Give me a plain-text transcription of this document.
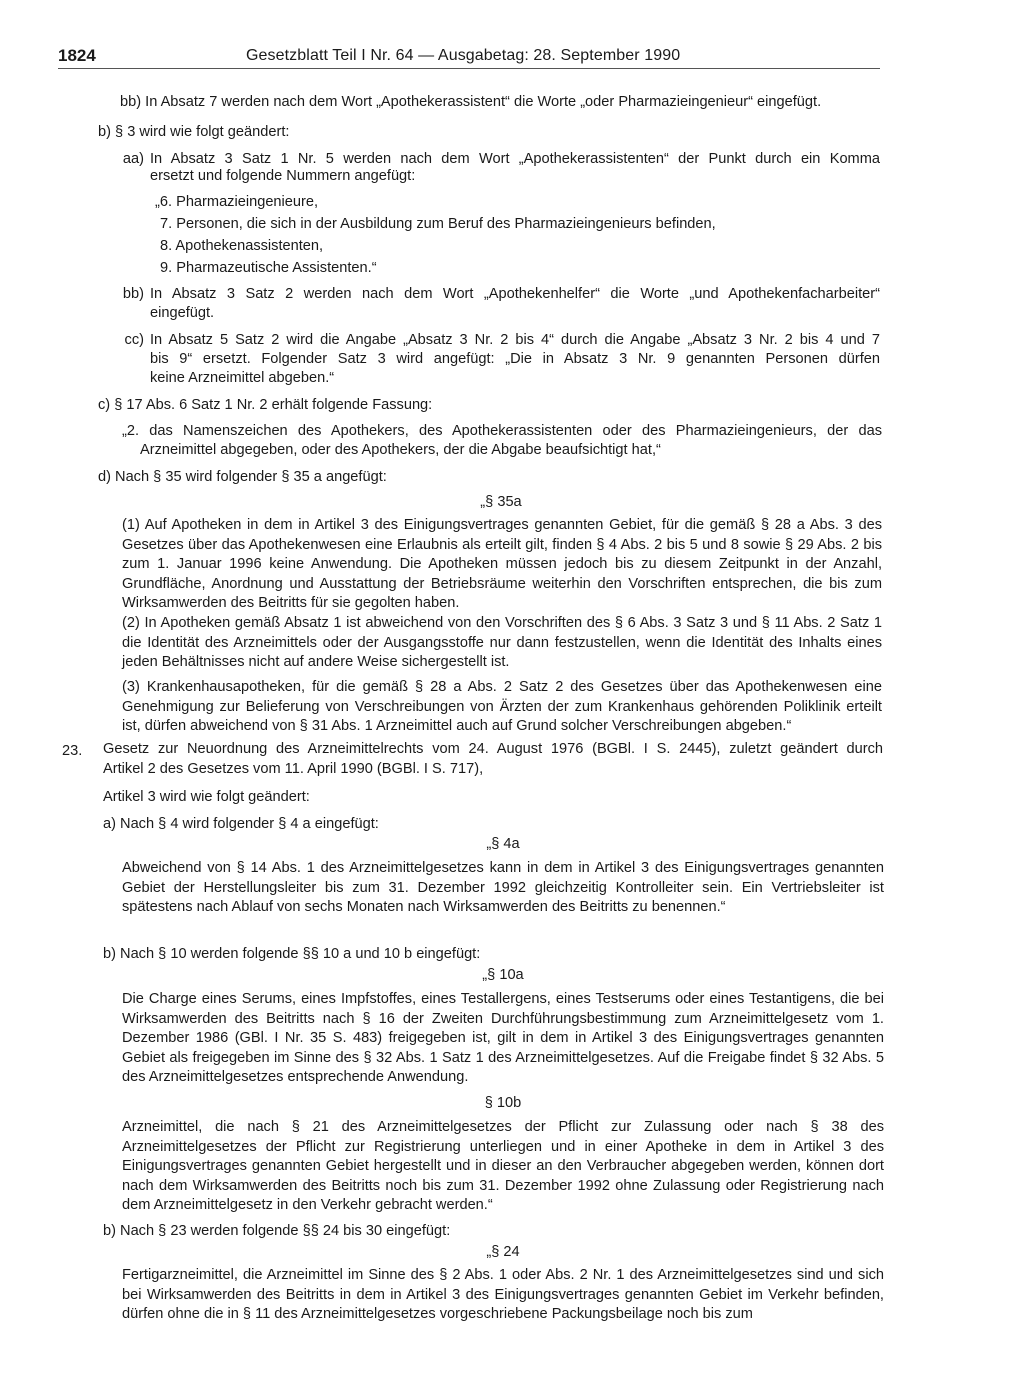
1824	Gesetzblatt Teil I Nr. 64 — Ausgabetag: 28. September 1990
bb) In Absatz 7 werden nach dem Wort „Apothekerassistent“ die Worte „oder Pharmazieingenieur“ eingefügt.
b) § 3 wird wie folgt geändert:
aa) In Absatz 3 Satz 1 Nr. 5 werden nach dem Wort „Apothekerassistenten“ der Punkt durch ein Komma
ersetzt und folgende Nummern angefügt:
„6. Pharmazieingenieure,
7. Personen, die sich in der Ausbildung zum Beruf des Pharmazieingenieurs befinden,
8. Apothekenassistenten,
9. Pharmazeutische Assistenten.“
bb) In Absatz 3 Satz 2 werden nach dem Wort „Apothekenhelfer“ die Worte „und Apothekenfacharbeiter“
eingefügt.
cc) In Absatz 5 Satz 2 wird die Angabe „Absatz 3 Nr. 2 bis 4“ durch die Angabe „Absatz 3 Nr. 2 bis 4 und 7
bis 9“ ersetzt. Folgender Satz 3 wird angefügt: „Die in Absatz 3 Nr. 9 genannten Personen dürfen
keine Arzneimittel abgeben.“
c) § 17 Abs. 6 Satz 1 Nr. 2 erhält folgende Fassung:
„2. das Namenszeichen des Apothekers, des Apothekerassistenten oder des Pharmazieingenieurs, der das
Arzneimittel abgegeben, oder des Apothekers, der die Abgabe beaufsichtigt hat,“
d) Nach § 35 wird folgender § 35 a angefügt:
„§ 35a
(1) Auf Apotheken in dem in Artikel 3 des Einigungsvertrages genannten Gebiet, für die gemäß § 28 a Abs. 3 des Gesetzes über das Apothekenwesen eine Erlaubnis als erteilt gilt, finden § 4 Abs. 2 bis 5 und 8 sowie § 29 Abs. 2 bis zum 1. Januar 1996 keine Anwendung. Die Apotheken müssen jedoch bis zu diesem Zeitpunkt in der Anzahl, Grundfläche, Anordnung und Ausstattung der Betriebsräume weiterhin den Vorschriften entsprechen, die bis zum Wirksamwerden des Beitritts für sie gegolten haben.
(2) In Apotheken gemäß Absatz 1 ist abweichend von den Vorschriften des § 6 Abs. 3 Satz 3 und § 11 Abs. 2 Satz 1 die Identität des Arzneimittels oder der Ausgangsstoffe nur dann festzustellen, wenn die Identität des Inhalts eines jeden Behältnisses nicht auf andere Weise sichergestellt ist.
(3) Krankenhausapotheken, für die gemäß § 28 a Abs. 2 Satz 2 des Gesetzes über das Apothekenwesen eine Genehmigung zur Belieferung von Verschreibungen von Ärzten der zum Krankenhaus gehörenden Poliklinik erteilt ist, dürfen abweichend von § 31 Abs. 1 Arzneimittel auch auf Grund solcher Verschreibungen abgeben.“
23. Gesetz zur Neuordnung des Arzneimittelrechts vom 24. August 1976 (BGBl. I S. 2445), zuletzt geändert durch
Artikel 2 des Gesetzes vom 11. April 1990 (BGBl. I S. 717),
Artikel 3 wird wie folgt geändert:
a) Nach § 4 wird folgender § 4 a eingefügt:
„§ 4a
Abweichend von § 14 Abs. 1 des Arzneimittelgesetzes kann in dem in Artikel 3 des Einigungsvertrages genannten Gebiet der Herstellungsleiter bis zum 31. Dezember 1992 gleichzeitig Kontrolleiter sein. Ein Vertriebsleiter ist spätestens nach Ablauf von sechs Monaten nach Wirksamwerden des Beitritts zu benennen.“
b) Nach § 10 werden folgende §§ 10 a und 10 b eingefügt:
„§ 10a
Die Charge eines Serums, eines Impfstoffes, eines Testallergens, eines Testserums oder eines Testantigens, die bei Wirksamwerden des Beitritts nach § 16 der Zweiten Durchführungsbestimmung zum Arzneimittelgesetz vom 1. Dezember 1986 (GBl. I Nr. 35 S. 483) freigegeben ist, gilt in dem in Artikel 3 des Einigungsvertrages genannten Gebiet als freigegeben im Sinne des § 32 Abs. 1 Satz 1 des Arzneimittelgesetzes. Auf die Freigabe findet § 32 Abs. 5 des Arzneimittelgesetzes entsprechende Anwendung.
§ 10b
Arzneimittel, die nach § 21 des Arzneimittelgesetzes der Pflicht zur Zulassung oder nach § 38 des Arzneimittelgesetzes der Pflicht zur Registrierung unterliegen und in einer Apotheke in dem in Artikel 3 des Einigungsvertrages genannten Gebiet hergestellt und in dieser an den Verbraucher abgegeben werden, können dort nach dem Wirksamwerden des Beitritts noch bis zum 31. Dezember 1992 ohne Zulassung oder Registrierung nach dem Arzneimittelgesetz in den Verkehr gebracht werden.“
b) Nach § 23 werden folgende §§ 24 bis 30 eingefügt:
„§ 24
Fertigarzneimittel, die Arzneimittel im Sinne des § 2 Abs. 1 oder Abs. 2 Nr. 1 des Arzneimittelgesetzes sind und sich bei Wirksamwerden des Beitritts in dem in Artikel 3 des Einigungsvertrages genannten Gebiet im Verkehr befinden, dürfen ohne die in § 11 des Arzneimittelgesetzes vorgeschriebene Packungsbeilage noch bis zum
